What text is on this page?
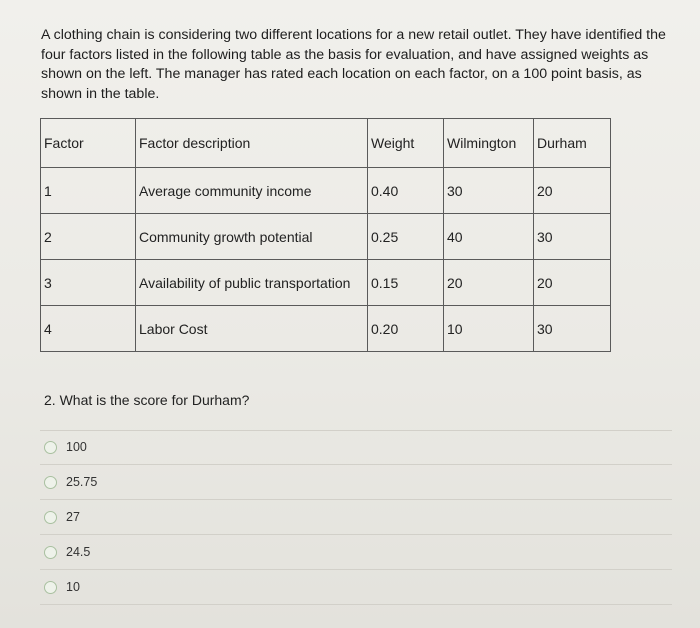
A clothing chain is considering two different locations for a new retail outlet. They have identified the four factors listed in the following table as the basis for evaluation, and have assigned weights as shown on the left. The manager has rated each location on each factor, on a 100 point basis, as shown in the table.
Factor	Factor description	Weight	Wilmington	Durham
1	Average community income	0.40	30	20
2	Community growth potential	0.25	40	30
3	Availability of public transportation	0.15	20	20
4	Labor Cost	0.20	10	30
2. What is the score for Durham?
100
25.75
27
24.5
10
